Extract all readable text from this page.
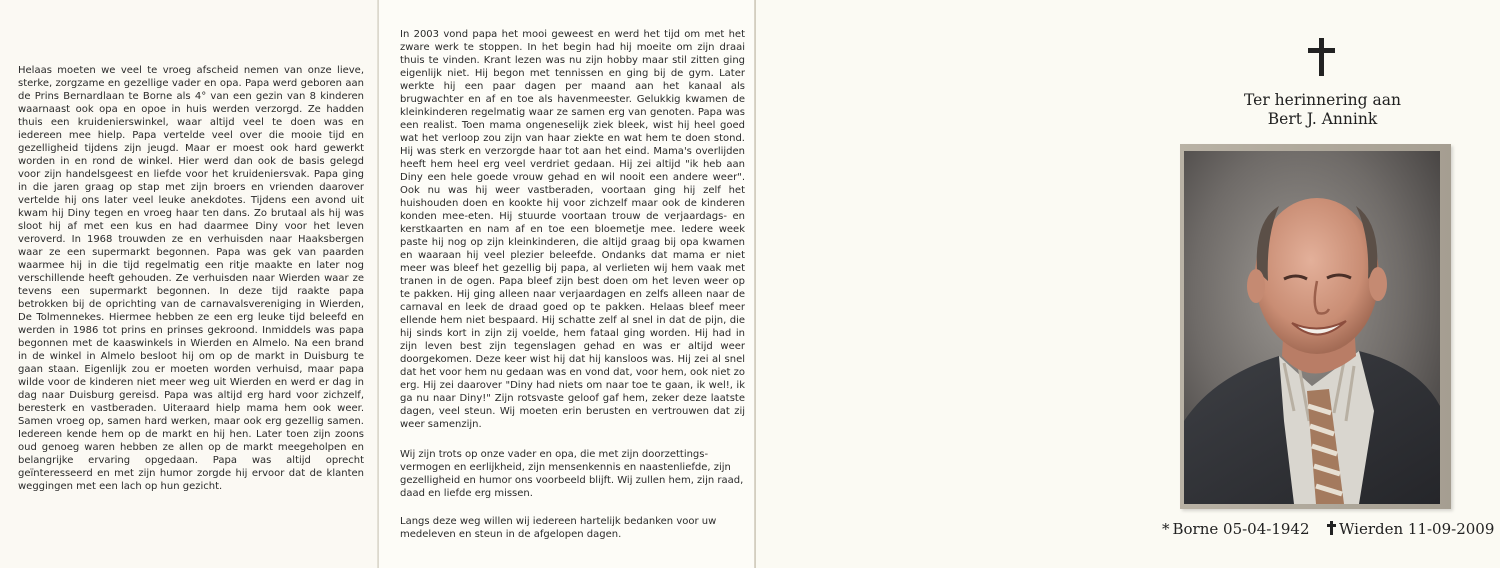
Helaas moeten we veel te vroeg afscheid nemen van onze lieve, sterke, zorgzame en gezellige vader en opa. Papa werd geboren aan de Prins Bernardlaan te Borne als 4° van een gezin van 8 kinderen waarnaast ook opa en opoe in huis werden verzorgd. Ze hadden thuis een kruidenierswinkel, waar altijd veel te doen was en iedereen mee hielp. Papa vertelde veel over die mooie tijd en gezelligheid tijdens zijn jeugd. Maar er moest ook hard gewerkt worden in en rond de winkel. Hier werd dan ook de basis gelegd voor zijn handelsgeest en liefde voor het kruideniersvak. Papa ging in die jaren graag op stap met zijn broers en vrienden daarover vertelde hij ons later veel leuke anekdotes. Tijdens een avond uit kwam hij Diny tegen en vroeg haar ten dans. Zo brutaal als hij was sloot hij af met een kus en had daarmee Diny voor het leven veroverd. In 1968 trouwden ze en verhuisden naar Haaksbergen waar ze een supermarkt begonnen. Papa was gek van paarden waarmee hij in die tijd regelmatig een ritje maakte en later nog verschillende heeft gehouden. Ze verhuisden naar Wierden waar ze tevens een supermarkt begonnen. In deze tijd raakte papa betrokken bij de oprichting van de carnavalsvereniging in Wierden, De Tolmennekes. Hiermee hebben ze een erg leuke tijd beleefd en werden in 1986 tot prins en prinses gekroond. Inmiddels was papa begonnen met de kaaswinkels in Wierden en Almelo. Na een brand in de winkel in Almelo besloot hij om op de markt in Duisburg te gaan staan. Eigenlijk zou er moeten worden verhuisd, maar papa wilde voor de kinderen niet meer weg uit Wierden en werd er dag in dag naar Duisburg gereisd. Papa was altijd erg hard voor zichzelf, beresterk en vastberaden. Uiteraard hielp mama hem ook weer. Samen vroeg op, samen hard werken, maar ook erg gezellig samen. Iedereen kende hem op de markt en hij hen. Later toen zijn zoons oud genoeg waren hebben ze allen op de markt meegeholpen en belangrijke ervaring opgedaan. Papa was altijd oprecht geïnteresseerd en met zijn humor zorgde hij ervoor dat de klanten weggingen met een lach op hun gezicht.

In 2003 vond papa het mooi geweest en werd het tijd om met het zware werk te stoppen. In het begin had hij moeite om zijn draai thuis te vinden. Krant lezen was nu zijn hobby maar stil zitten ging eigenlijk niet. Hij begon met tennissen en ging bij de gym. Later werkte hij een paar dagen per maand aan het kanaal als brugwachter en af en toe als havenmeester. Gelukkig kwamen de kleinkinderen regelmatig waar ze samen erg van genoten. Papa was een realist. Toen mama ongeneselijk ziek bleek, wist hij heel goed wat het verloop zou zijn van haar ziekte en wat hem te doen stond. Hij was sterk en verzorgde haar tot aan het eind. Mama's overlijden heeft hem heel erg veel verdriet gedaan. Hij zei altijd "ik heb aan Diny een hele goede vrouw gehad en wil nooit een andere weer". Ook nu was hij weer vastberaden, voortaan ging hij zelf het huishouden doen en kookte hij voor zichzelf maar ook de kinderen konden mee-eten. Hij stuurde voortaan trouw de verjaardags- en kerstkaarten en nam af en toe een bloemetje mee. Iedere week paste hij nog op zijn kleinkinderen, die altijd graag bij opa kwamen en waaraan hij veel plezier beleefde. Ondanks dat mama er niet meer was bleef het gezellig bij papa, al verlieten wij hem vaak met tranen in de ogen. Papa bleef zijn best doen om het leven weer op te pakken. Hij ging alleen naar verjaardagen en zelfs alleen naar de carnaval en leek de draad goed op te pakken. Helaas bleef meer ellende hem niet bespaard. Hij schatte zelf al snel in dat de pijn, die hij sinds kort in zijn zij voelde, hem fataal ging worden. Hij had in zijn leven best zijn tegenslagen gehad en was er altijd weer doorgekomen. Deze keer wist hij dat hij kansloos was. Hij zei al snel dat het voor hem nu gedaan was en vond dat, voor hem, ook niet zo erg. Hij zei daarover "Diny had niets om naar toe te gaan, ik wel!, ik ga nu naar Diny!" Zijn rotsvaste geloof gaf hem, zeker deze laatste dagen, veel steun. Wij moeten erin berusten en vertrouwen dat zij weer samenzijn.

Wij zijn trots op onze vader en opa, die met zijn doorzettings-vermogen en eerlijkheid, zijn mensenkennis en naastenliefde, zijn gezelligheid en humor ons voorbeeld blijft. Wij zullen hem, zijn raad, daad en liefde erg missen.

Langs deze weg willen wij iedereen hartelijk bedanken voor uw medeleven en steun in de afgelopen dagen.

Ter herinnering aan

Bert J. Annink

* Borne 05-04-1942	Wierden 11-09-2009
